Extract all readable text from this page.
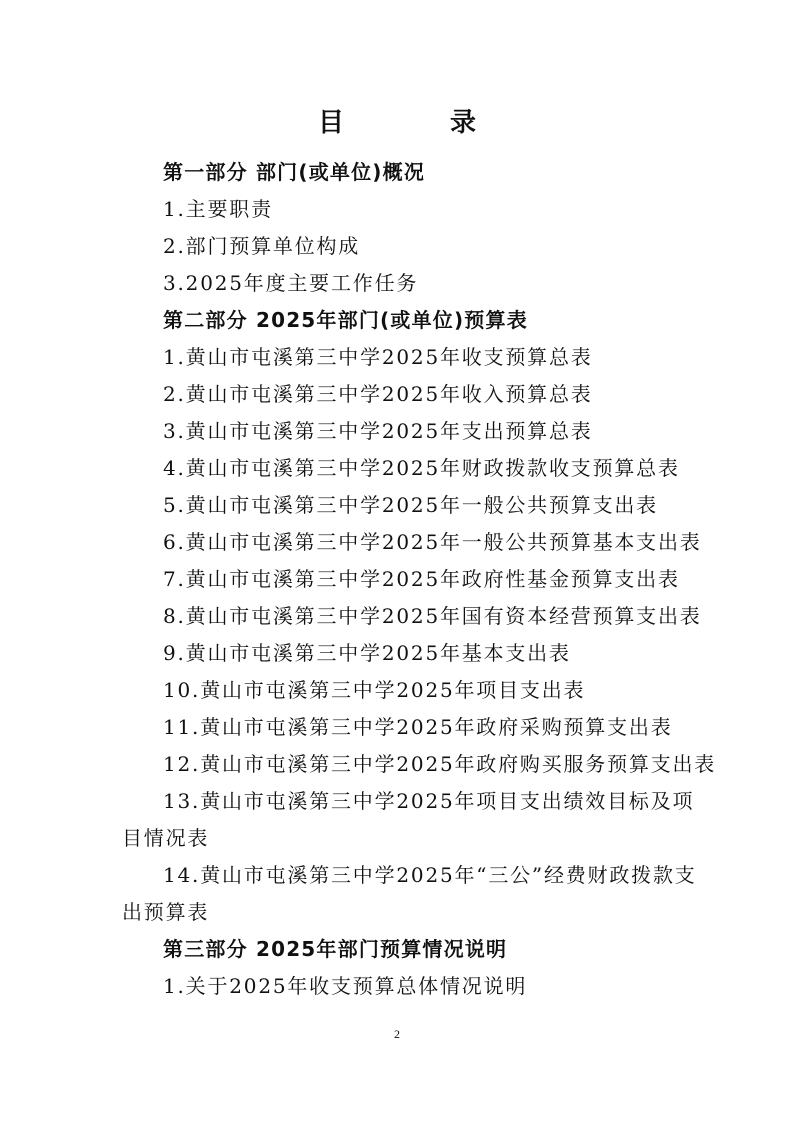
目　录
第一部分 部门(或单位)概况
1.主要职责
2.部门预算单位构成
3.2025年度主要工作任务
第二部分 2025年部门(或单位)预算表
1.黄山市屯溪第三中学2025年收支预算总表
2.黄山市屯溪第三中学2025年收入预算总表
3.黄山市屯溪第三中学2025年支出预算总表
4.黄山市屯溪第三中学2025年财政拨款收支预算总表
5.黄山市屯溪第三中学2025年一般公共预算支出表
6.黄山市屯溪第三中学2025年一般公共预算基本支出表
7.黄山市屯溪第三中学2025年政府性基金预算支出表
8.黄山市屯溪第三中学2025年国有资本经营预算支出表
9.黄山市屯溪第三中学2025年基本支出表
10.黄山市屯溪第三中学2025年项目支出表
11.黄山市屯溪第三中学2025年政府采购预算支出表
12.黄山市屯溪第三中学2025年政府购买服务预算支出表
13.黄山市屯溪第三中学2025年项目支出绩效目标及项目情况表
14.黄山市屯溪第三中学2025年“三公”经费财政拨款支出预算表
第三部分 2025年部门预算情况说明
1.关于2025年收支预算总体情况说明
2
